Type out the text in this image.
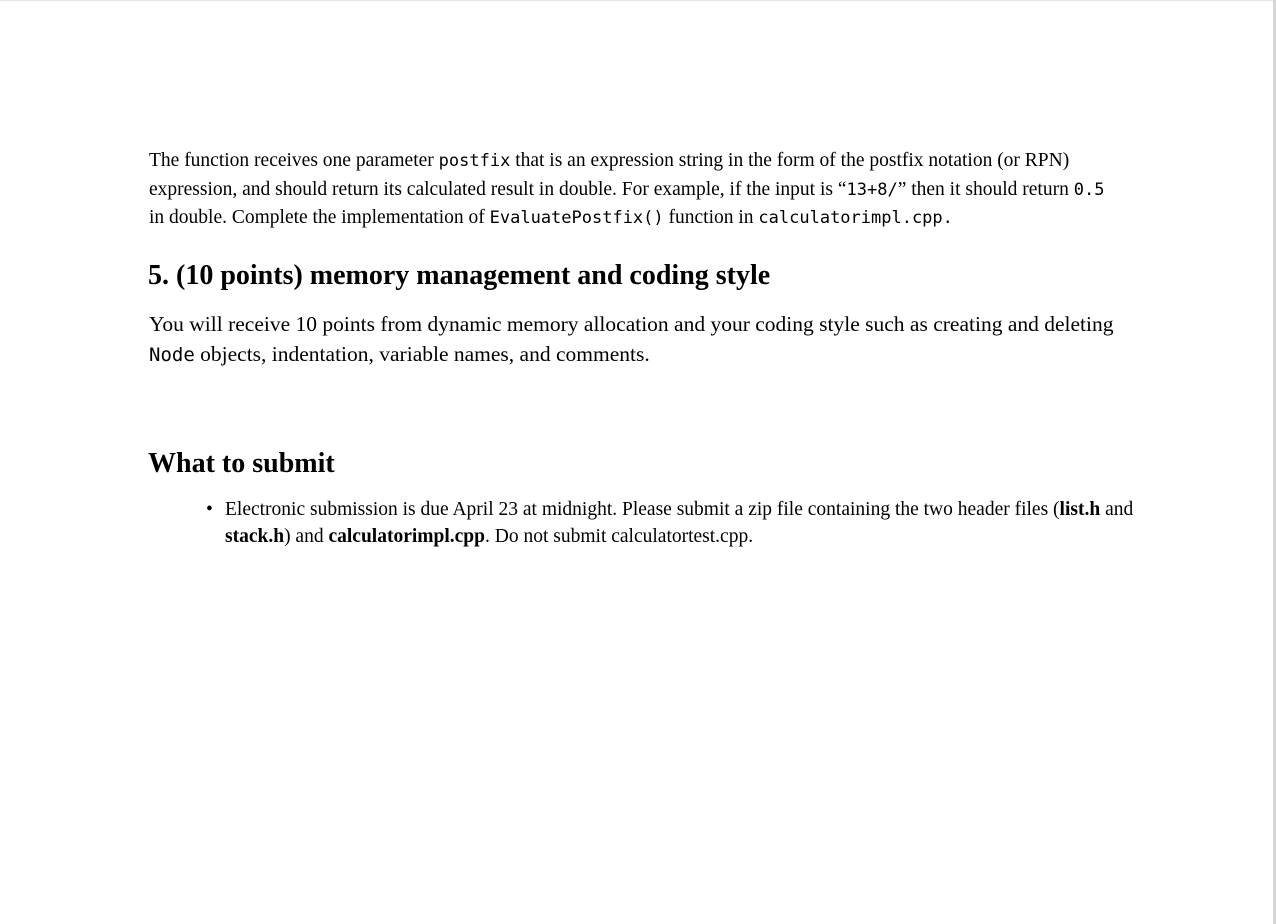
The function receives one parameter postfix that is an expression string in the form of the postfix notation (or RPN) expression, and should return its calculated result in double. For example, if the input is “13+8/” then it should return 0.5 in double. Complete the implementation of EvaluatePostfix() function in calculatorimpl.cpp.

5. (10 points) memory management and coding style

You will receive 10 points from dynamic memory allocation and your coding style such as creating and deleting Node objects, indentation, variable names, and comments.

What to submit
• Electronic submission is due April 23 at midnight. Please submit a zip file containing the two header files (list.h and stack.h) and calculatorimpl.cpp. Do not submit calculatortest.cpp.
